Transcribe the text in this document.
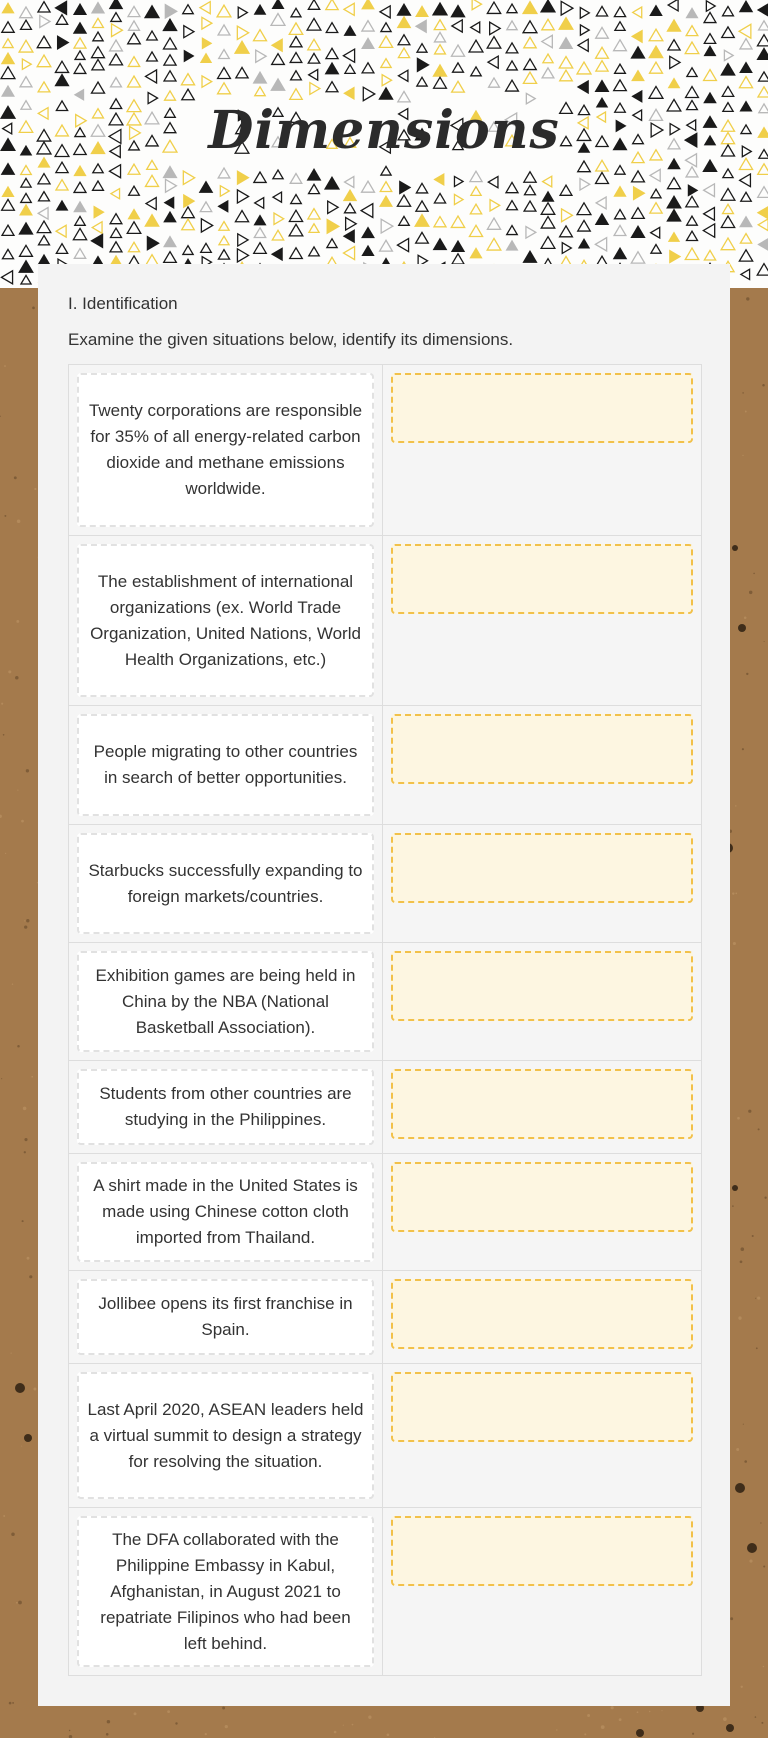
Dimensions
I. Identification

Examine the given situations below, identify its dimensions.

Twenty corporations are responsible for 35% of all energy-related carbon dioxide and methane emissions worldwide.
The establishment of international organizations (ex. World Trade Organization, United Nations, World Health Organizations, etc.)
People migrating to other countries in search of better opportunities.
Starbucks successfully expanding to foreign markets/countries.
Exhibition games are being held in China by the NBA (National Basketball Association).
Students from other countries are studying in the Philippines.
A shirt made in the United States is made using Chinese cotton cloth imported from Thailand.
Jollibee opens its first franchise in Spain.
Last April 2020, ASEAN leaders held a virtual summit to design a strategy for resolving the situation.
The DFA collaborated with the Philippine Embassy in Kabul, Afghanistan, in August 2021 to repatriate Filipinos who had been left behind.
